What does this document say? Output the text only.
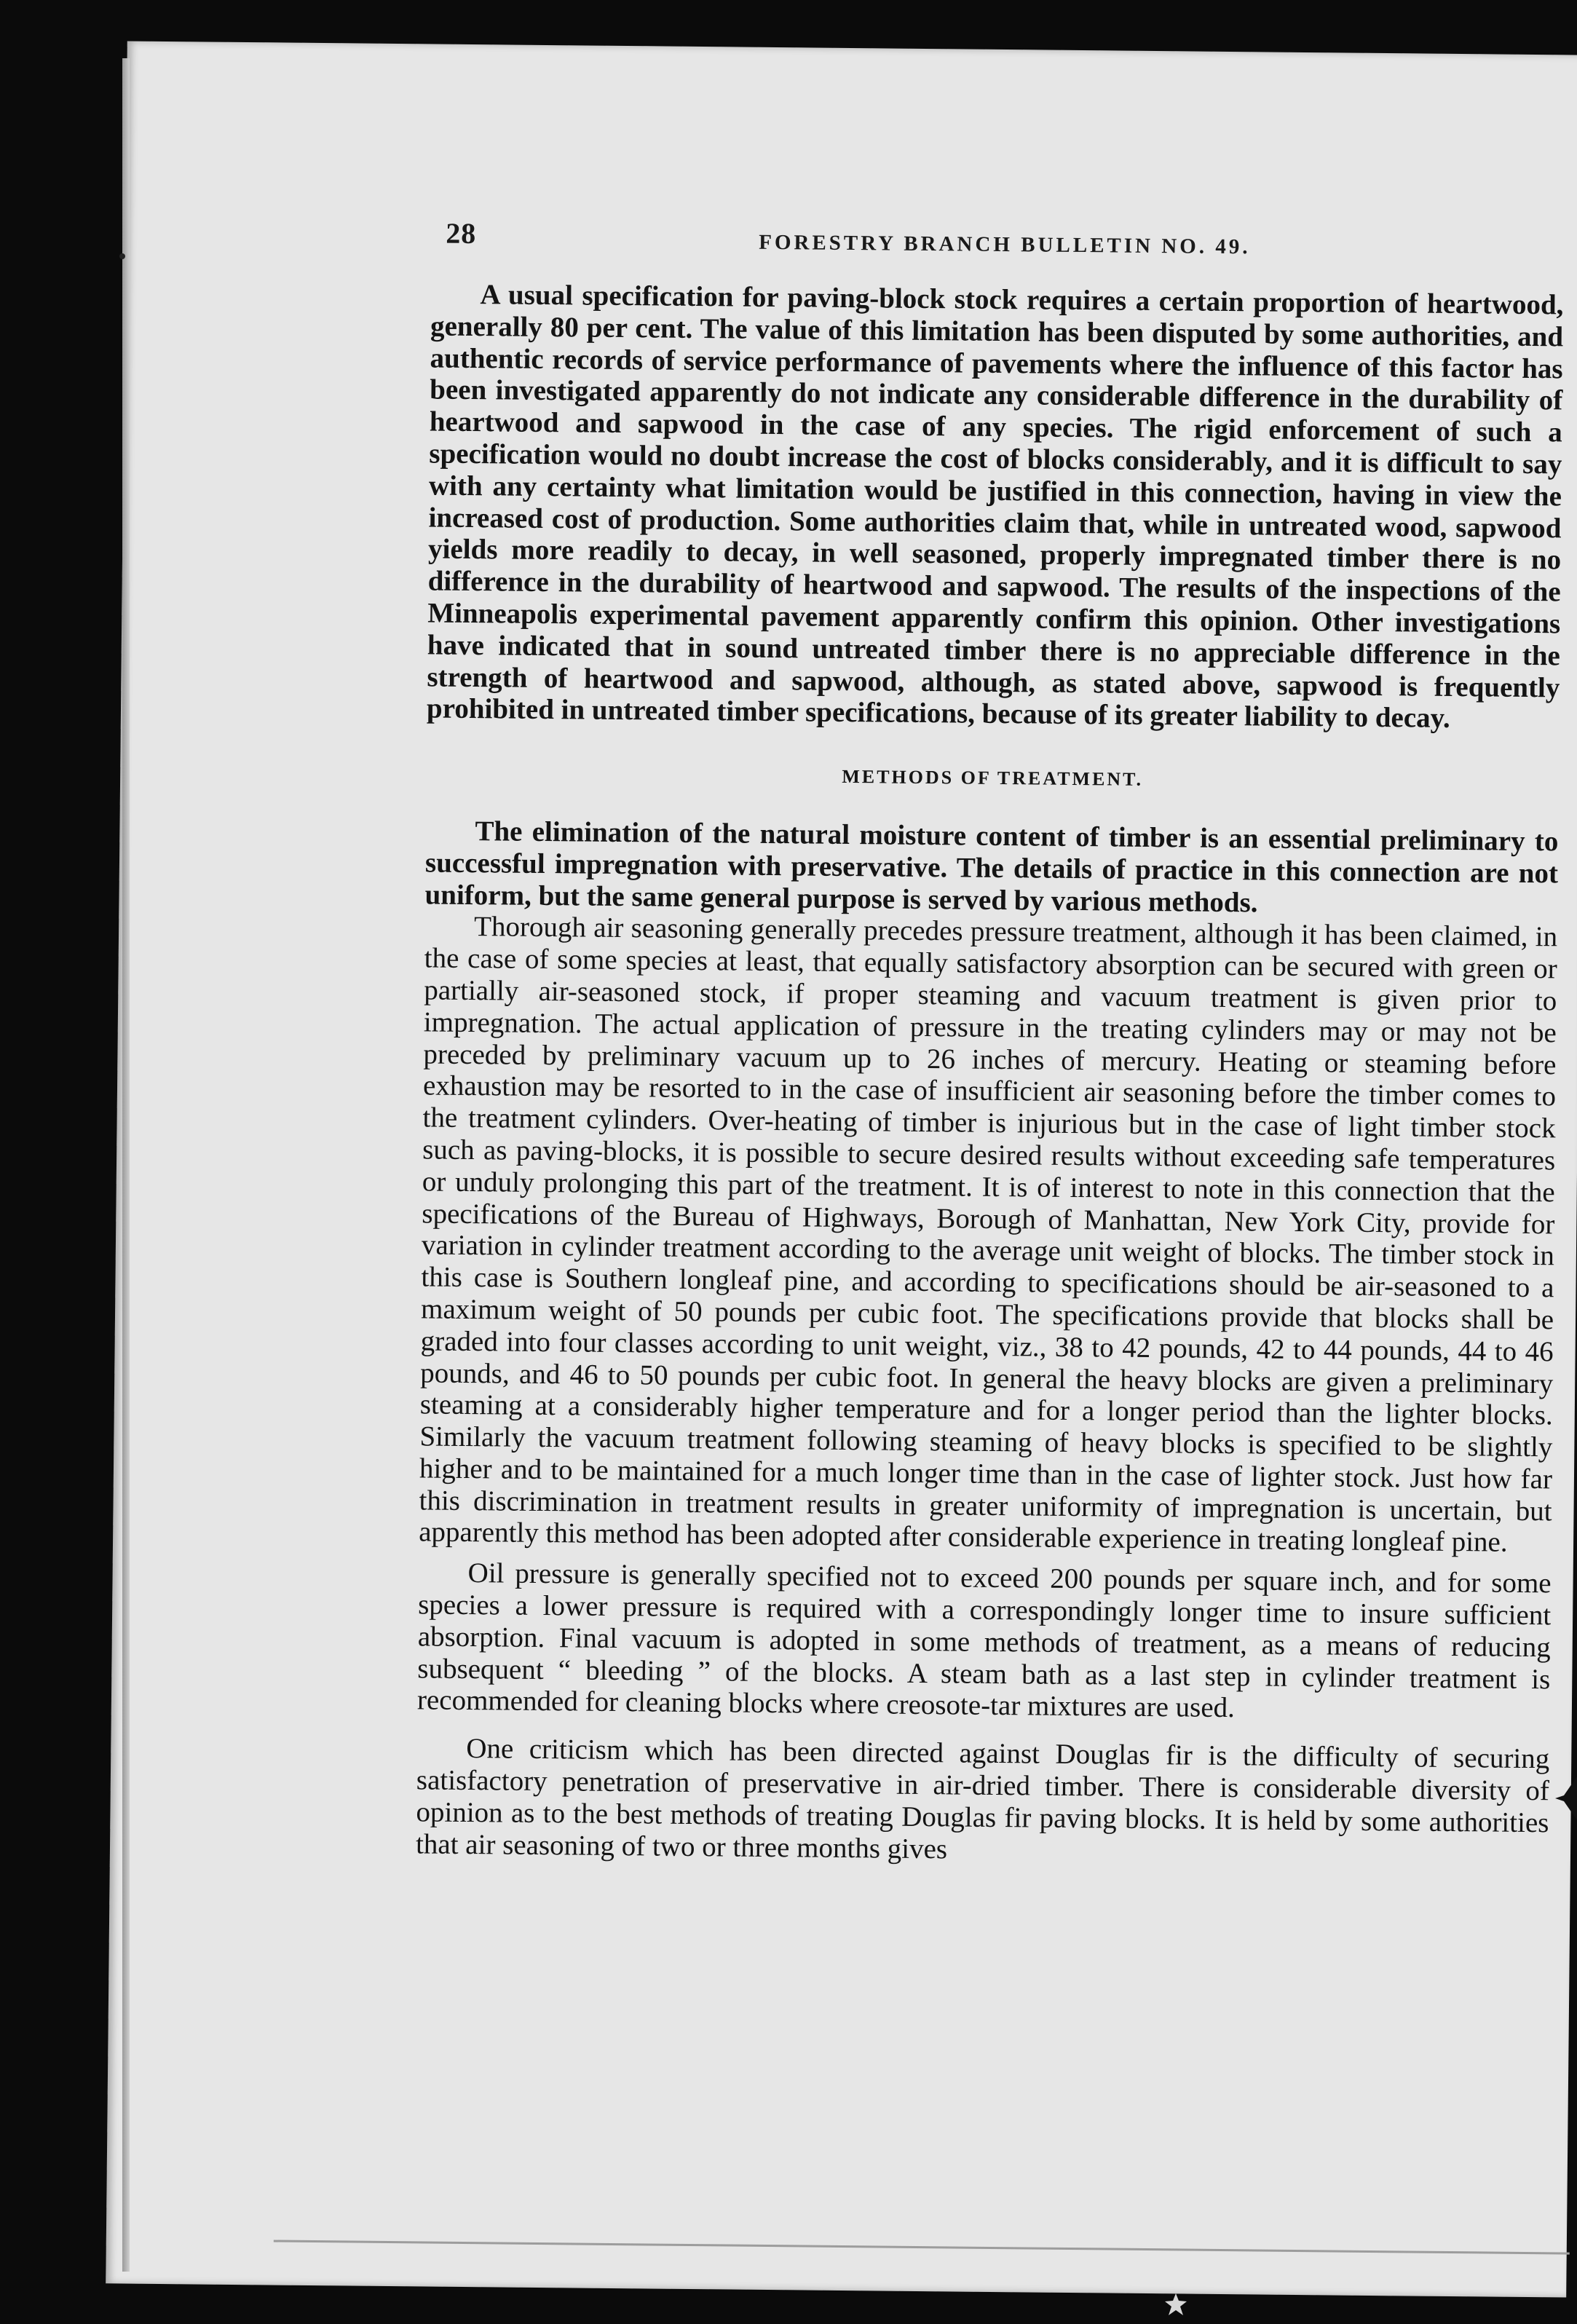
28	FORESTRY BRANCH BULLETIN NO. 49.

A usual specification for paving-block stock requires a certain proportion of heartwood, generally 80 per cent. The value of this limitation has been disputed by some authorities, and authentic records of service performance of pavements where the influence of this factor has been investigated apparently do not indicate any considerable difference in the durability of heartwood and sapwood in the case of any species. The rigid enforcement of such a specification would no doubt increase the cost of blocks considerably, and it is difficult to say with any certainty what limitation would be justified in this connection, having in view the increased cost of production. Some authorities claim that, while in untreated wood, sapwood yields more readily to decay, in well seasoned, properly impregnated timber there is no difference in the durability of heartwood and sapwood. The results of the inspections of the Minneapolis experimental pavement apparently confirm this opinion. Other investigations have indicated that in sound untreated timber there is no appreciable difference in the strength of heartwood and sapwood, although, as stated above, sapwood is frequently prohibited in untreated timber specifications, because of its greater liability to decay.

METHODS OF TREATMENT.

The elimination of the natural moisture content of timber is an essential preliminary to successful impregnation with preservative. The details of practice in this connection are not uniform, but the same general purpose is served by various methods.

Thorough air seasoning generally precedes pressure treatment, although it has been claimed, in the case of some species at least, that equally satisfactory absorption can be secured with green or partially air-seasoned stock, if proper steaming and vacuum treatment is given prior to impregnation. The actual application of pressure in the treating cylinders may or may not be preceded by preliminary vacuum up to 26 inches of mercury. Heating or steaming before exhaustion may be resorted to in the case of insufficient air seasoning before the timber comes to the treatment cylinders. Over-heating of timber is injurious but in the case of light timber stock such as paving-blocks, it is possible to secure desired results without exceeding safe temperatures or unduly prolonging this part of the treatment. It is of interest to note in this connection that the specifications of the Bureau of Highways, Borough of Manhattan, New York City, provide for variation in cylinder treatment according to the average unit weight of blocks. The timber stock in this case is Southern longleaf pine, and according to specifications should be air-seasoned to a maximum weight of 50 pounds per cubic foot. The specifications provide that blocks shall be graded into four classes according to unit weight, viz., 38 to 42 pounds, 42 to 44 pounds, 44 to 46 pounds, and 46 to 50 pounds per cubic foot. In general the heavy blocks are given a preliminary steaming at a considerably higher temperature and for a longer period than the lighter blocks. Similarly the vacuum treatment following steaming of heavy blocks is specified to be slightly higher and to be maintained for a much longer time than in the case of lighter stock. Just how far this discrimination in treatment results in greater uniformity of impregnation is uncertain, but apparently this method has been adopted after considerable experience in treating longleaf pine.

Oil pressure is generally specified not to exceed 200 pounds per square inch, and for some species a lower pressure is required with a correspondingly longer time to insure sufficient absorption. Final vacuum is adopted in some methods of treatment, as a means of reducing subsequent “ bleeding ” of the blocks. A steam bath as a last step in cylinder treatment is recommended for cleaning blocks where creosote-tar mixtures are used.

One criticism which has been directed against Douglas fir is the difficulty of securing satisfactory penetration of preservative in air-dried timber. There is considerable diversity of opinion as to the best methods of treating Douglas fir paving blocks. It is held by some authorities that air seasoning of two or three months gives
